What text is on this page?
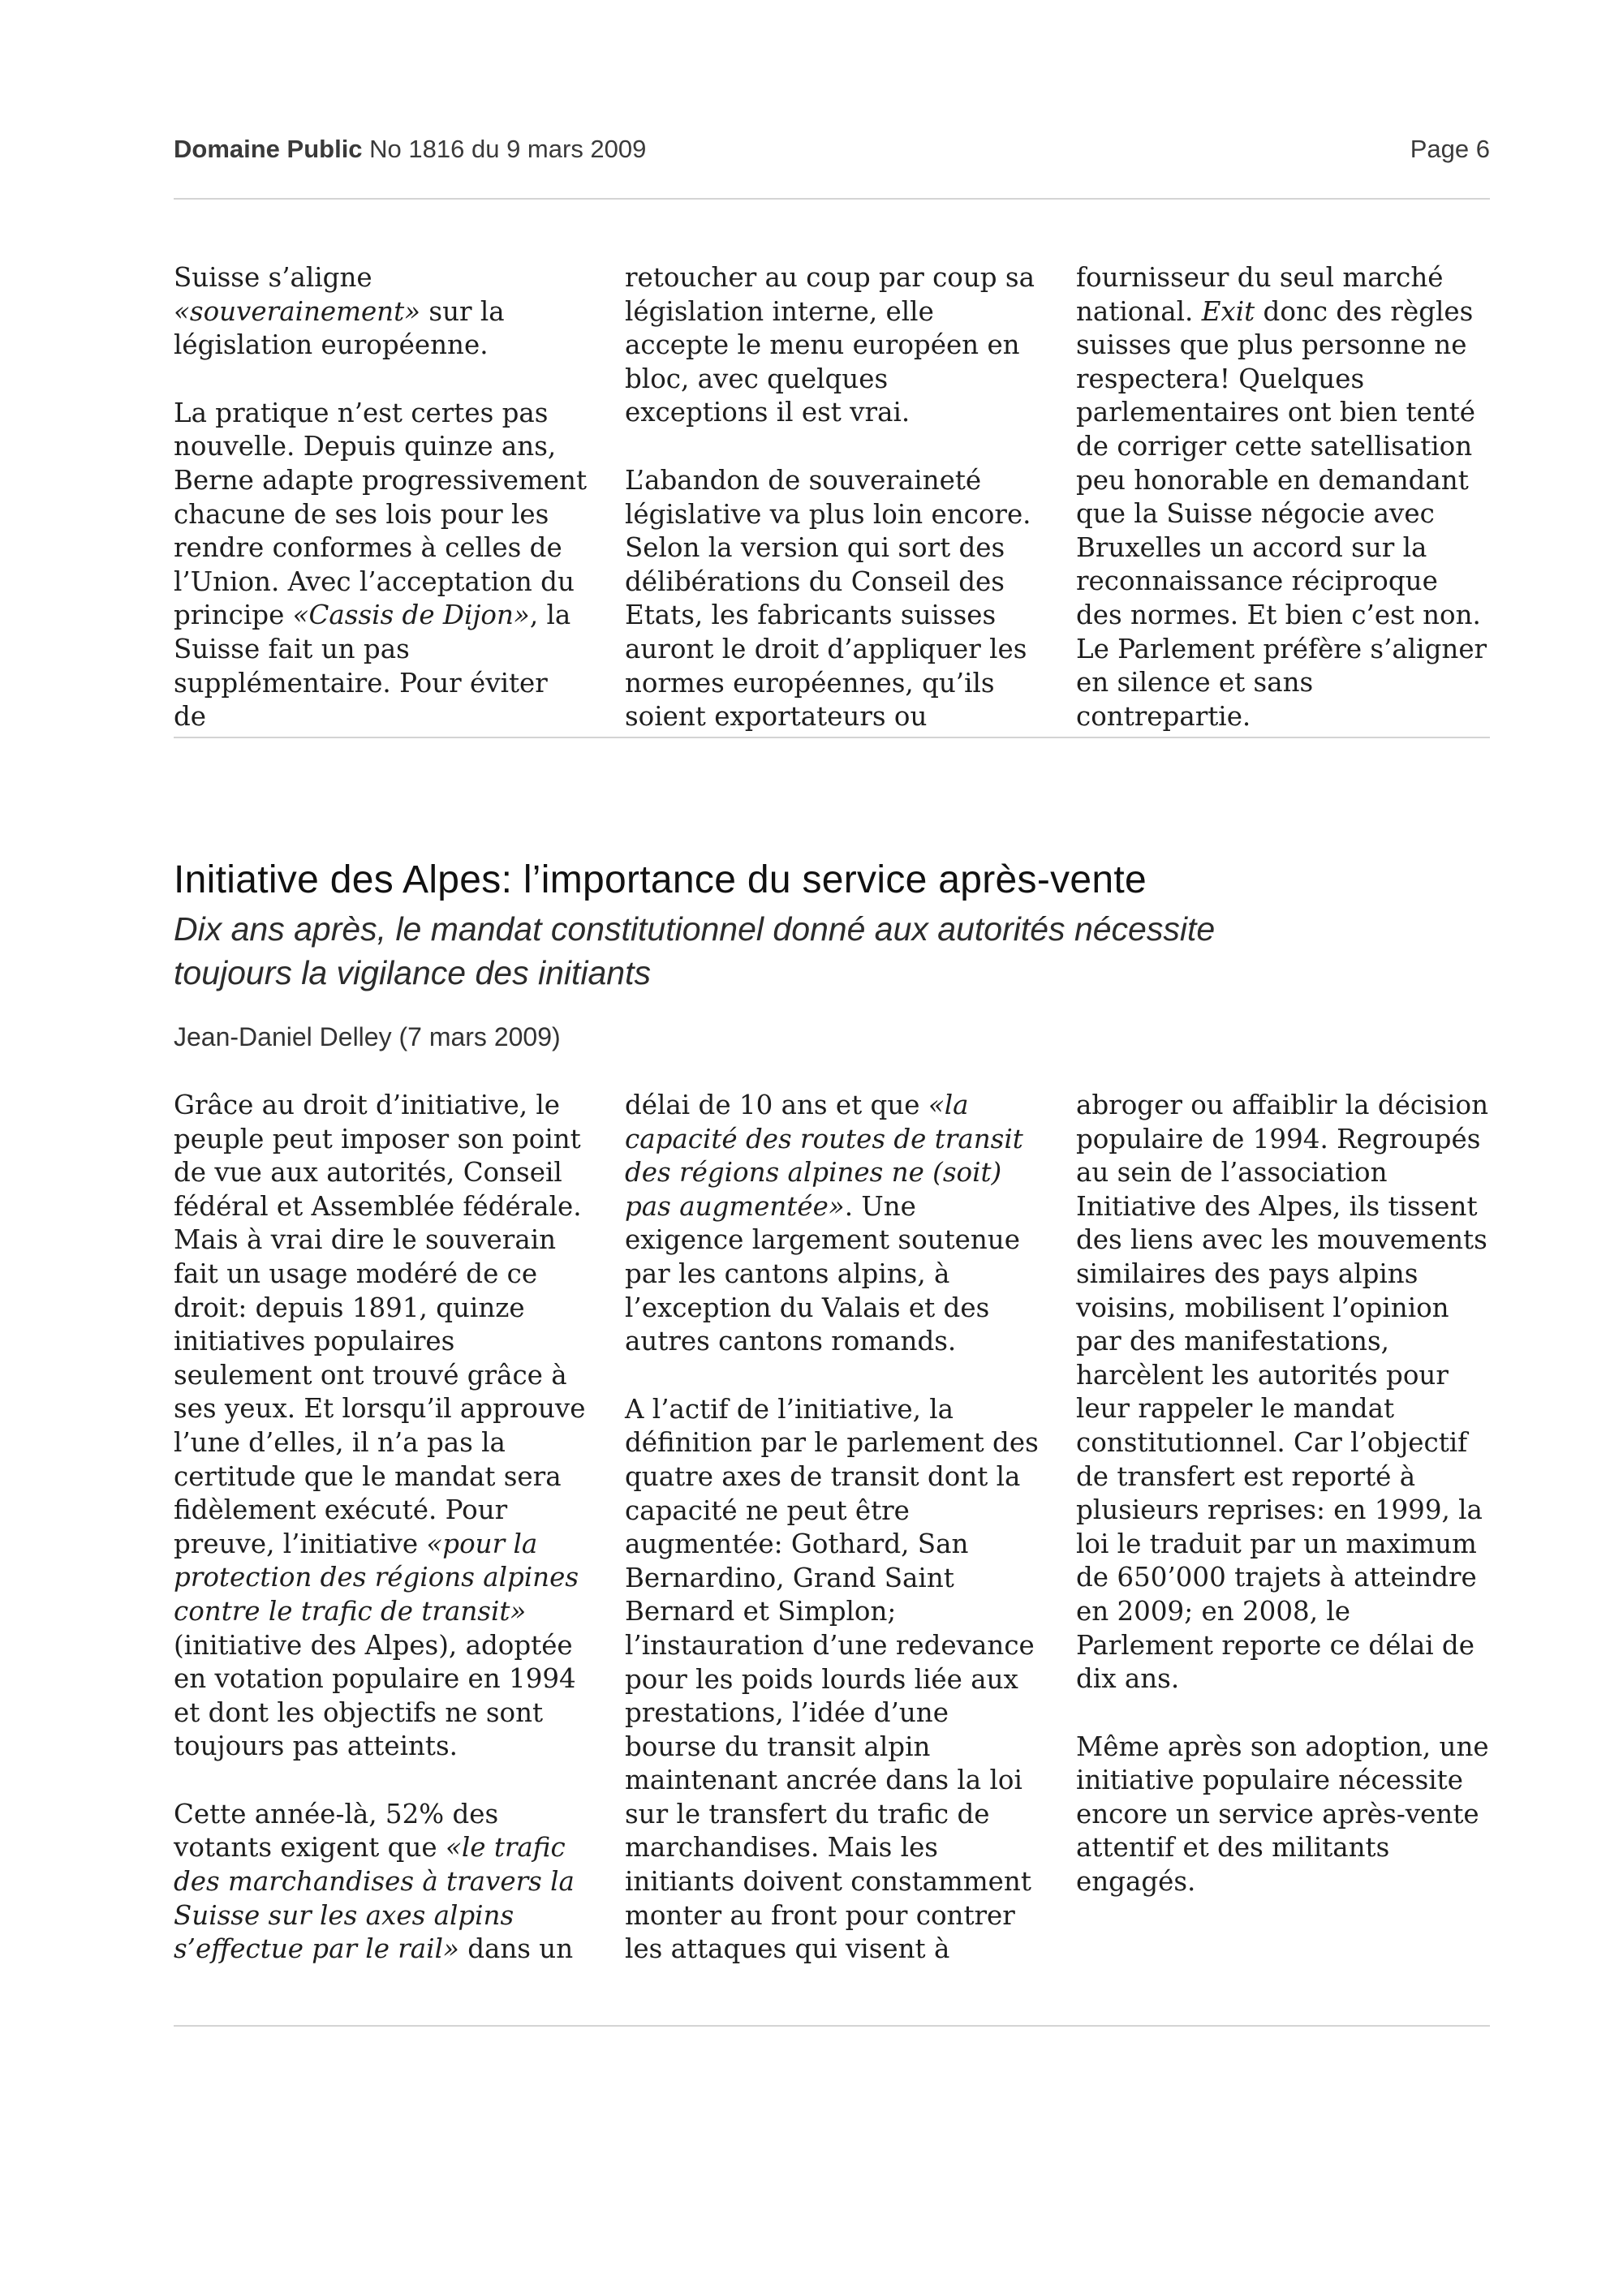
Domaine Public No 1816 du 9 mars 2009	Page 6

Suisse s’aligne «souverainement» sur la législation européenne.

La pratique n’est certes pas nouvelle. Depuis quinze ans, Berne adapte progressivement chacune de ses lois pour les rendre conformes à celles de l’Union. Avec l’acceptation du principe «Cassis de Dijon», la Suisse fait un pas supplémentaire. Pour éviter de

retoucher au coup par coup sa législation interne, elle accepte le menu européen en bloc, avec quelques exceptions il est vrai.

L’abandon de souveraineté législative va plus loin encore. Selon la version qui sort des délibérations du Conseil des Etats, les fabricants suisses auront le droit d’appliquer les normes européennes, qu’ils soient exportateurs ou

fournisseur du seul marché national. Exit donc des règles suisses que plus personne ne respectera! Quelques parlementaires ont bien tenté de corriger cette satellisation peu honorable en demandant que la Suisse négocie avec Bruxelles un accord sur la reconnaissance réciproque des normes. Et bien c’est non. Le Parlement préfère s’aligner en silence et sans contrepartie.

Initiative des Alpes: l’importance du service après-vente
Dix ans après, le mandat constitutionnel donné aux autorités nécessite
toujours la vigilance des initiants
Jean-Daniel Delley (7 mars 2009)

Grâce au droit d’initiative, le peuple peut imposer son point de vue aux autorités, Conseil fédéral et Assemblée fédérale. Mais à vrai dire le souverain fait un usage modéré de ce droit: depuis 1891, quinze initiatives populaires seulement ont trouvé grâce à ses yeux. Et lorsqu’il approuve l’une d’elles, il n’a pas la certitude que le mandat sera fidèlement exécuté. Pour preuve, l’initiative «pour la protection des régions alpines contre le trafic de transit» (initiative des Alpes), adoptée en votation populaire en 1994 et dont les objectifs ne sont toujours pas atteints.

Cette année-là, 52% des votants exigent que «le trafic des marchandises à travers la Suisse sur les axes alpins s’effectue par le rail» dans un

délai de 10 ans et que «la capacité des routes de transit des régions alpines ne (soit) pas augmentée». Une exigence largement soutenue par les cantons alpins, à l’exception du Valais et des autres cantons romands.

A l’actif de l’initiative, la définition par le parlement des quatre axes de transit dont la capacité ne peut être augmentée: Gothard, San Bernardino, Grand Saint Bernard et Simplon; l’instauration d’une redevance pour les poids lourds liée aux prestations, l’idée d’une bourse du transit alpin maintenant ancrée dans la loi sur le transfert du trafic de marchandises. Mais les initiants doivent constamment monter au front pour contrer les attaques qui visent à

abroger ou affaiblir la décision populaire de 1994. Regroupés au sein de l’association Initiative des Alpes, ils tissent des liens avec les mouvements similaires des pays alpins voisins, mobilisent l’opinion par des manifestations, harcèlent les autorités pour leur rappeler le mandat constitutionnel. Car l’objectif de transfert est reporté à plusieurs reprises: en 1999, la loi le traduit par un maximum de 650’000 trajets à atteindre en 2009; en 2008, le Parlement reporte ce délai de dix ans.

Même après son adoption, une initiative populaire nécessite encore un service après-vente attentif et des militants engagés.
